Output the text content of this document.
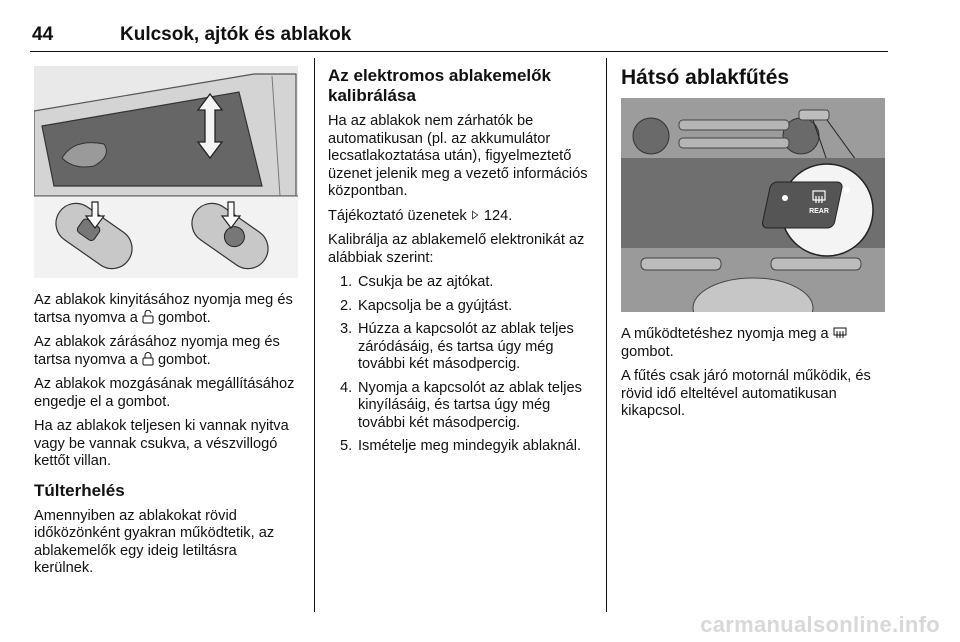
44	Kulcsok, ajtók és ablakok

Az ablakok kinyitásához nyomja meg és tartsa nyomva a  gombot.

Az ablakok zárásához nyomja meg és tartsa nyomva a  gombot.

Az ablakok mozgásának megállításához engedje el a gombot.

Ha az ablakok teljesen ki vannak nyitva vagy be vannak csukva, a vészvillogó kettőt villan.

Túlterhelés

Amennyiben az ablakokat rövid időközönként gyakran működtetik, az ablakemelők egy ideig letiltásra kerülnek.

Az elektromos ablakemelők kalibrálása

Ha az ablakok nem zárhatók be automatikusan (pl. az akkumulátor lecsatlakoztatása után), figyelmeztető üzenet jelenik meg a vezető információs központban.

Tájékoztató üzenetek  124.

Kalibrálja az ablakemelő elektronikát az alábbiak szerint:

1. Csukja be az ajtókat.
2. Kapcsolja be a gyújtást.
3. Húzza a kapcsolót az ablak teljes záródásáig, és tartsa úgy még további két másodpercig.
4. Nyomja a kapcsolót az ablak teljes kinyílásáig, és tartsa úgy még további két másodpercig.
5. Ismételje meg mindegyik ablaknál.
Hátsó ablakfűtés
REAR

A működtetéshez nyomja meg a  gombot.

A fűtés csak járó motornál működik, és rövid idő elteltével automatikusan kikapcsol.

carmanualsonline.info
